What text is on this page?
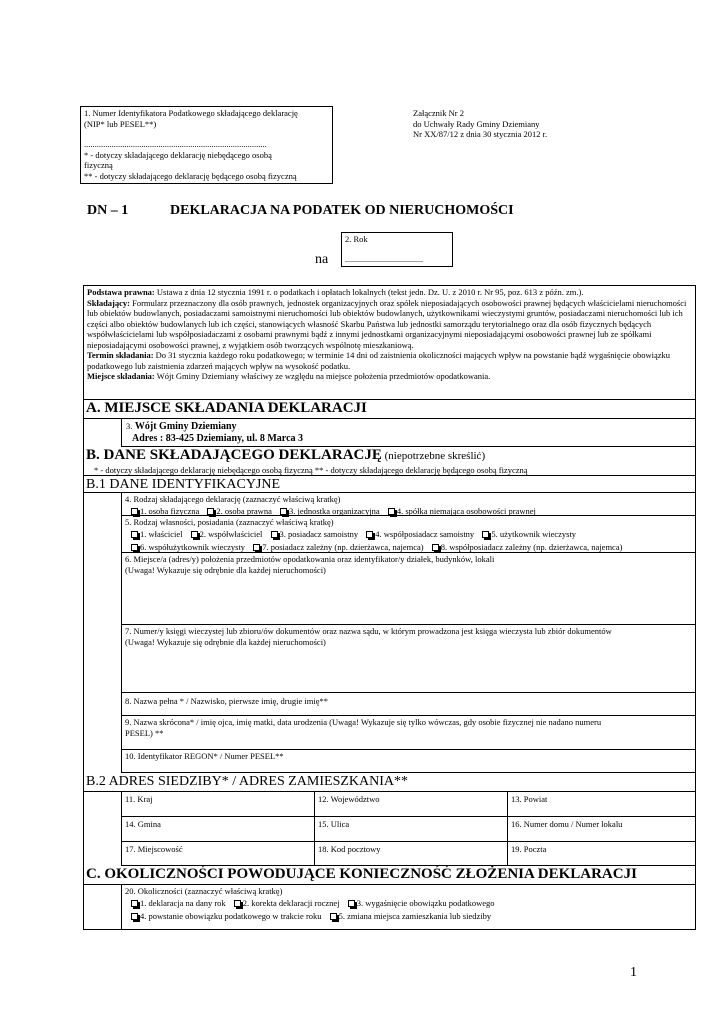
1. Numer Identyfikatora Podatkowego składającego deklarację
(NIP* lub PESEL**)
......................................................................................
* - dotyczy składającego deklarację niebędącego osobą
fizyczną
** - dotyczy składającego deklarację będącego osobą fizyczną
Załącznik Nr 2
do Uchwały Rady Gminy Dziemiany
Nr XX/87/12 z dnia 30 stycznia 2012 r.
DN – 1	DEKLARACJA NA PODATEK OD NIERUCHOMOŚCI
na
2. Rok
.......................................

Podstawa prawna: Ustawa z dnia 12 stycznia 1991 r. o podatkach i opłatach lokalnych (tekst jedn. Dz. U. z 2010 r. Nr 95, poz. 613 z późn. zm.).

Składający: Formularz przeznaczony dla osób prawnych, jednostek organizacyjnych oraz spółek nieposiadających osobowości prawnej będących właścicielami nieruchomości lub obiektów budowlanych, posiadaczami samoistnymi nieruchomości lub obiektów budowlanych, użytkownikami wieczystymi gruntów, posiadaczami nieruchomości lub ich części albo obiektów budowlanych lub ich części, stanowiących własność Skarbu Państwa lub jednostki samorządu terytorialnego oraz dla osób fizycznych będących współwłaścicielami lub współposiadaczami z osobami prawnymi bądź z innymi jednostkami organizacyjnymi nieposiadającymi osobowości prawnej lub ze spółkami nieposiadającymi osobowości prawnej, z wyjątkiem osób tworzących wspólnotę mieszkaniową.

Termin składania: Do 31 stycznia każdego roku podatkowego; w terminie 14 dni od zaistnienia okoliczności mających wpływ na powstanie bądź wygaśnięcie obowiązku podatkowego lub zaistnienia zdarzeń mających wpływ na wysokość podatku.

Miejsce składania: Wójt Gminy Dziemiany właściwy ze względu na miejsce położenia przedmiotów opodatkowania.

A. MIEJSCE SKŁADANIA DEKLARACJI
3. Wójt Gminy Dziemiany
Adres : 83-425 Dziemiany, ul. 8 Marca 3
B. DANE SKŁADAJĄCEGO DEKLARACJĘ (niepotrzebne skreślić)
* - dotyczy składającego deklarację niebędącego osobą fizyczną ** - dotyczy składającego deklarację będącego osobą fizyczną
B.1 DANE IDENTYFIKACYJNE
4. Rodzaj składającego deklarację (zaznaczyć właściwą kratkę)
1. osoba fizyczna 2. osoba prawna 3. jednostka organizacyjna 4. spółka niemająca osobowości prawnej
5. Rodzaj własności, posiadania (zaznaczyć właściwą kratkę)
1. właściciel 2. współwłaściciel 3. posiadacz samoistny 4. współposiadacz samoistny 5. użytkownik wieczysty
6. współużytkownik wieczysty 7. posiadacz zależny (np. dzierżawca, najemca) 8. współposiadacz zależny (np. dzierżawca, najemca)
6. Miejsce/a (adres/y) położenia przedmiotów opodatkowania oraz identyfikator/y działek, budynków, lokali
(Uwaga! Wykazuje się odrębnie dla każdej nieruchomości)
7. Numer/y księgi wieczystej lub zbioru/ów dokumentów oraz nazwa sądu, w którym prowadzona jest księga wieczysta lub zbiór dokumentów
(Uwaga! Wykazuje się odrębnie dla każdej nieruchomości)
8. Nazwa pełna * / Nazwisko, pierwsze imię, drugie imię**
9. Nazwa skrócona* / imię ojca, imię matki, data urodzenia (Uwaga! Wykazuje się tylko wówczas, gdy osobie fizycznej nie nadano numeru
PESEL) **
10. Identyfikator REGON* / Numer PESEL**
B.2 ADRES SIEDZIBY* / ADRES ZAMIESZKANIA**
11. Kraj	12. Województwo	13. Powiat
14. Gmina	15. Ulica	16. Numer domu / Numer lokalu
17. Miejscowość	18. Kod pocztowy	19. Poczta
C. OKOLICZNOŚCI POWODUJĄCE KONIECZNOŚĆ ZŁOŻENIA DEKLARACJI
20. Okoliczności (zaznaczyć właściwą kratkę)
1. deklaracja na dany rok 2. korekta deklaracji rocznej 3. wygaśnięcie obowiązku podatkowego
4. powstanie obowiązku podatkowego w trakcie roku 5. zmiana miejsca zamieszkania lub siedziby
1
